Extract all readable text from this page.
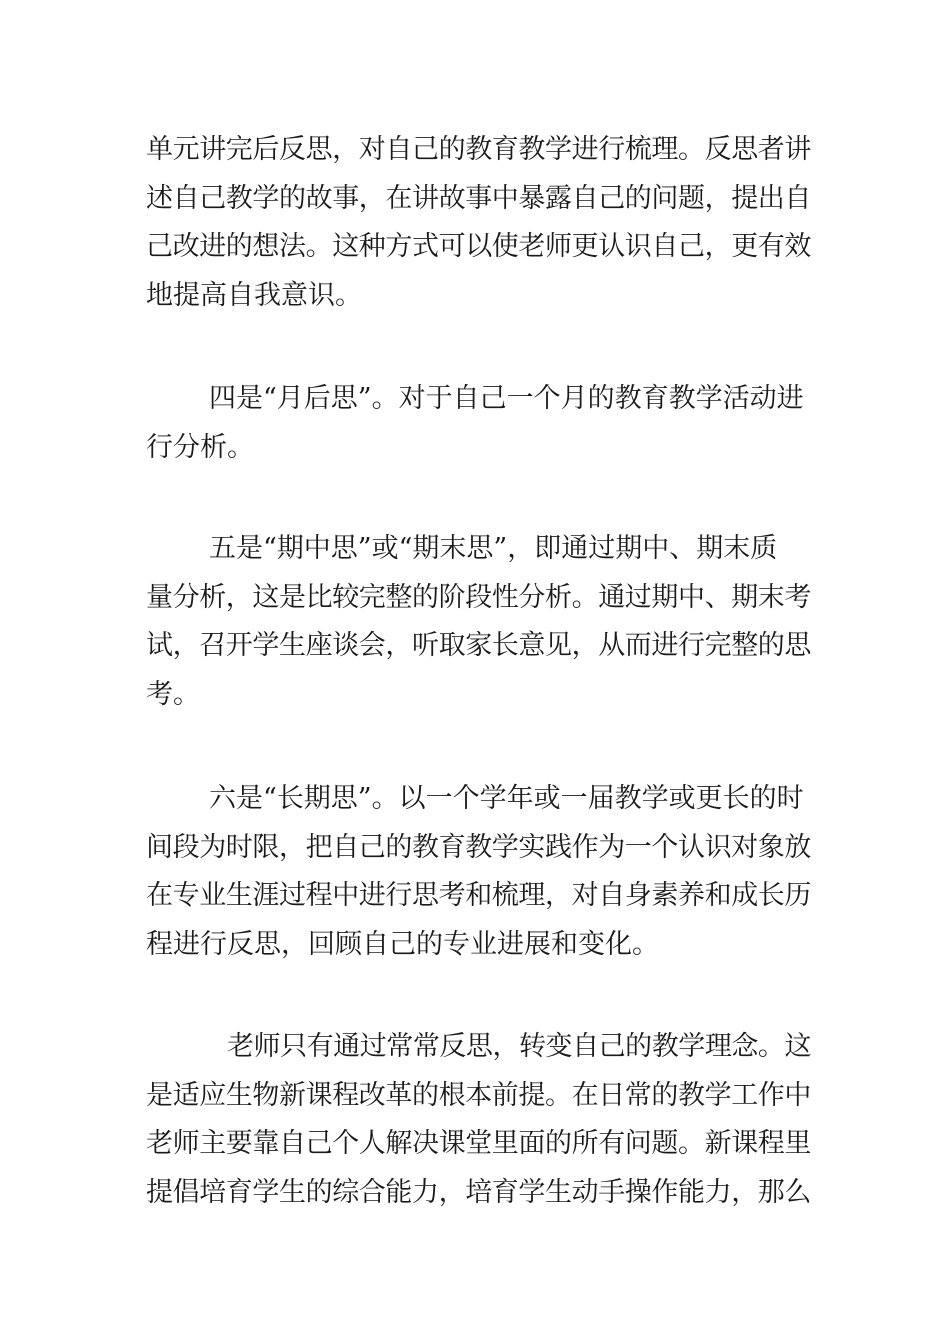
单元讲完后反思，对自己的教育教学进行梳理。反思者讲
述自己教学的故事，在讲故事中暴露自己的问题，提出自
己改进的想法。这种方式可以使老师更认识自己，更有效
地提高自我意识。

四是“月后思”。对于自己一个月的教育教学活动进
行分析。

五是“期中思”或“期末思”，即通过期中、期末质
量分析，这是比较完整的阶段性分析。通过期中、期末考
试，召开学生座谈会，听取家长意见，从而进行完整的思
考。

六是“长期思”。以一个学年或一届教学或更长的时
间段为时限，把自己的教育教学实践作为一个认识对象放
在专业生涯过程中进行思考和梳理，对自身素养和成长历
程进行反思，回顾自己的专业进展和变化。

老师只有通过常常反思，转变自己的教学理念。这
是适应生物新课程改革的根本前提。在日常的教学工作中
老师主要靠自己个人解决课堂里面的所有问题。新课程里
提倡培育学生的综合能力，培育学生动手操作能力，那么
